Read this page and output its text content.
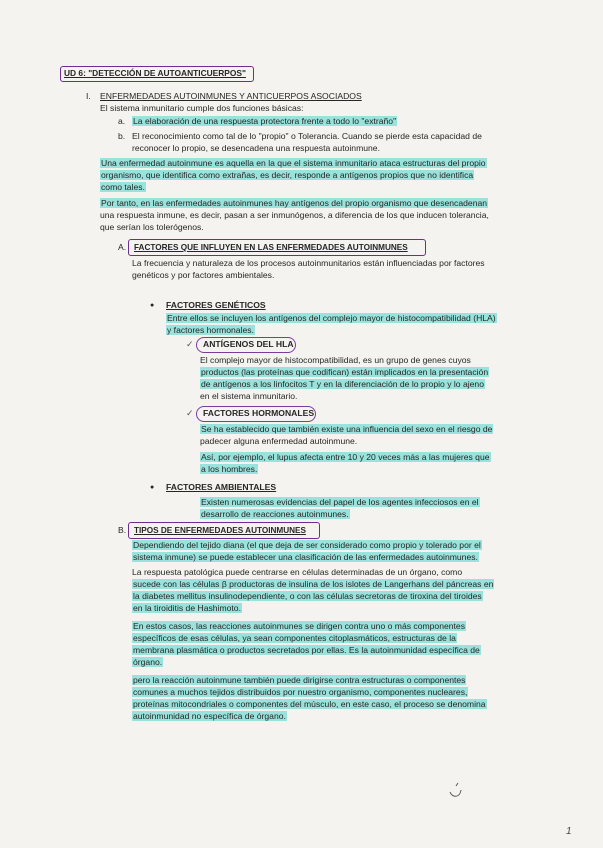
UD 6: "DETECCIÓN DE AUTOANTICUERPOS"
I. ENFERMEDADES AUTOINMUNES Y ANTICUERPOS ASOCIADOS
El sistema inmunitario cumple dos funciones básicas:
a. La elaboración de una respuesta protectora frente a todo lo "extraño"
b. El reconocimiento como tal de lo "propio" o Tolerancia. Cuando se pierde esta capacidad de
reconocer lo propio, se desencadena una respuesta autoinmune.
Una enfermedad autoinmune es aquella en la que el sistema inmunitario ataca estructuras del propio
organismo, que identifica como extrañas, es decir, responde a antígenos propios que no identifica
como tales.
Por tanto, en las enfermedades autoinmunes hay antígenos del propio organismo que desencadenan
una respuesta inmune, es decir, pasan a ser inmunógenos, a diferencia de los que inducen tolerancia,
que serían los tolerógenos.
A. FACTORES QUE INFLUYEN EN LAS ENFERMEDADES AUTOINMUNES
La frecuencia y naturaleza de los procesos autoinmunitarios están influenciadas por factores
genéticos y por factores ambientales.
● FACTORES GENÉTICOS
Entre ellos se incluyen los antígenos del complejo mayor de histocompatibilidad (HLA)
y factores hormonales.
✓ ANTÍGENOS DEL HLA
El complejo mayor de histocompatibilidad, es un grupo de genes cuyos
productos (las proteínas que codifican) están implicados en la presentación
de antígenos a los linfocitos T y en la diferenciación de lo propio y lo ajeno
en el sistema inmunitario.
✓ FACTORES HORMONALES
Se ha establecido que también existe una influencia del sexo en el riesgo de
padecer alguna enfermedad autoinmune.
Así, por ejemplo, el lupus afecta entre 10 y 20 veces más a las mujeres que
a los hombres.
● FACTORES AMBIENTALES
Existen numerosas evidencias del papel de los agentes infecciosos en el
desarrollo de reacciones autoinmunes.
B. TIPOS DE ENFERMEDADES AUTOINMUNES
Dependiendo del tejido diana (el que deja de ser considerado como propio y tolerado por el
sistema inmune) se puede establecer una clasificación de las enfermedades autoinmunes.
La respuesta patológica puede centrarse en células determinadas de un órgano, como
sucede con las células β productoras de insulina de los islotes de Langerhans del páncreas en
la diabetes mellitus insulinodependiente, o con las células secretoras de tiroxina del tiroides
en la tiroiditis de Hashimoto.
En estos casos, las reacciones autoinmunes se dirigen contra uno o más componentes
específicos de esas células, ya sean componentes citoplasmáticos, estructuras de la
membrana plasmática o productos secretados por ellas. Es la autoinmunidad específica de
órgano.
pero la reacción autoinmune también puede dirigirse contra estructuras o componentes
comunes a muchos tejidos distribuidos por nuestro organismo, componentes nucleares,
proteínas mitocondriales o componentes del músculo, en este caso, el proceso se denomina
autoinmunidad no específica de órgano.
1
